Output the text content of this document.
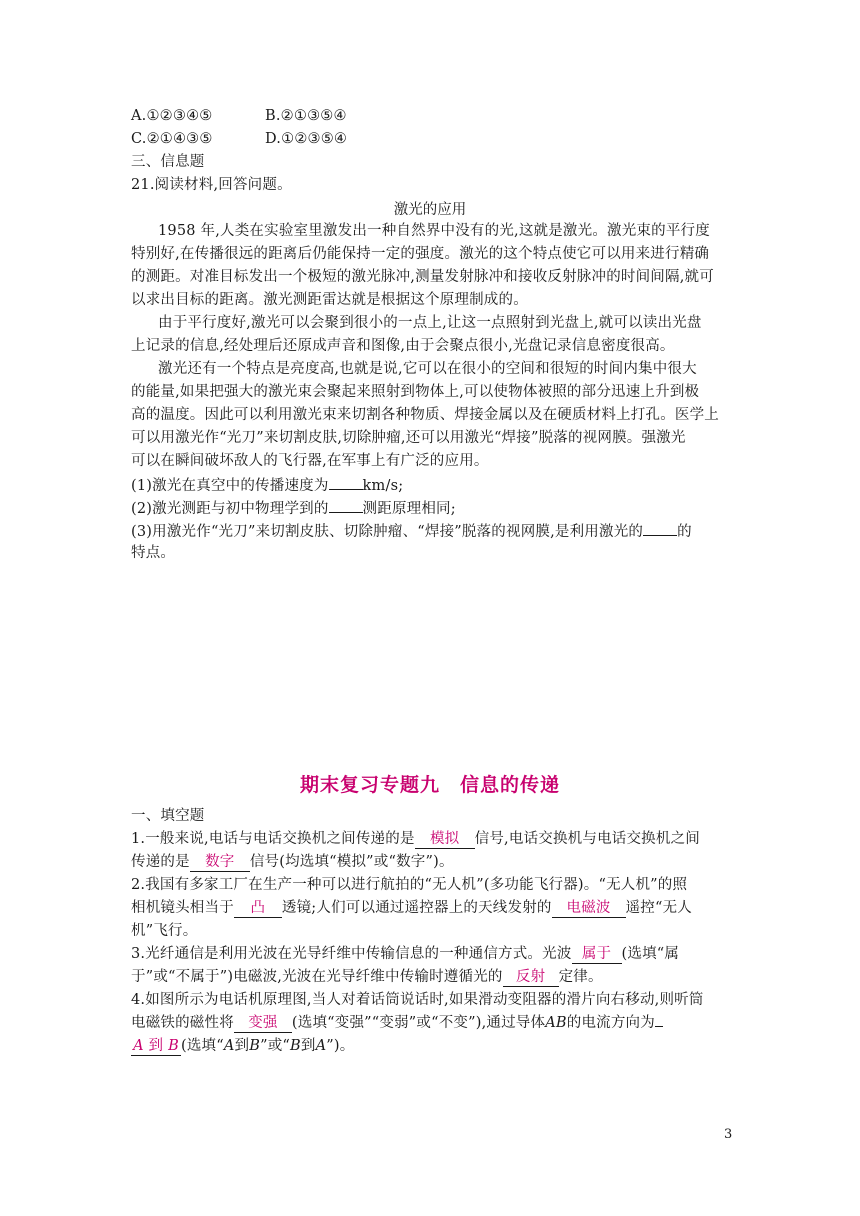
A.①②③④⑤	B.②①③⑤④
C.②①④③⑤	D.①②③⑤④
三、信息题
21.阅读材料,回答问题。
激光的应用
1958 年,人类在实验室里激发出一种自然界中没有的光,这就是激光。激光束的平行度
特别好,在传播很远的距离后仍能保持一定的强度。激光的这个特点使它可以用来进行精确
的测距。对准目标发出一个极短的激光脉冲,测量发射脉冲和接收反射脉冲的时间间隔,就可
以求出目标的距离。激光测距雷达就是根据这个原理制成的。
由于平行度好,激光可以会聚到很小的一点上,让这一点照射到光盘上,就可以读出光盘
上记录的信息,经处理后还原成声音和图像,由于会聚点很小,光盘记录信息密度很高。
激光还有一个特点是亮度高,也就是说,它可以在很小的空间和很短的时间内集中很大
的能量,如果把强大的激光束会聚起来照射到物体上,可以使物体被照的部分迅速上升到极
高的温度。因此可以利用激光束来切割各种物质、焊接金属以及在硬质材料上打孔。医学上
可以用激光作“光刀”来切割皮肤,切除肿瘤,还可以用激光“焊接”脱落的视网膜。强激光
可以在瞬间破坏敌人的飞行器,在军事上有广泛的应用。
(1)激光在真空中的传播速度为 km/s;
(2)激光测距与初中物理学到的 测距原理相同;
(3)用激光作“光刀”来切割皮肤、切除肿瘤、“焊接”脱落的视网膜,是利用激光的 的
特点。
期末复习专题九　信息的传递
一、填空题
1.一般来说,电话与电话交换机之间传递的是 模拟 信号,电话交换机与电话交换机之间
传递的是 数字 信号(均选填“模拟”或“数字”)。
2.我国有多家工厂在生产一种可以进行航拍的“无人机”(多功能飞行器)。“无人机”的照
相机镜头相当于 凸 透镜;人们可以通过遥控器上的天线发射的 电磁波 遥控“无人
机”飞行。
3.光纤通信是利用光波在光导纤维中传输信息的一种通信方式。光波 属于 (选填“属
于”或“不属于”)电磁波,光波在光导纤维中传输时遵循光的 反射 定律。
4.如图所示为电话机原理图,当人对着话筒说话时,如果滑动变阻器的滑片向右移动,则听筒
电磁铁的磁性将 变强 (选填“变强”“变弱”或“不变”),通过导体AB的电流方向为
A 到 B (选填“A到B”或“B到A”)。
3
